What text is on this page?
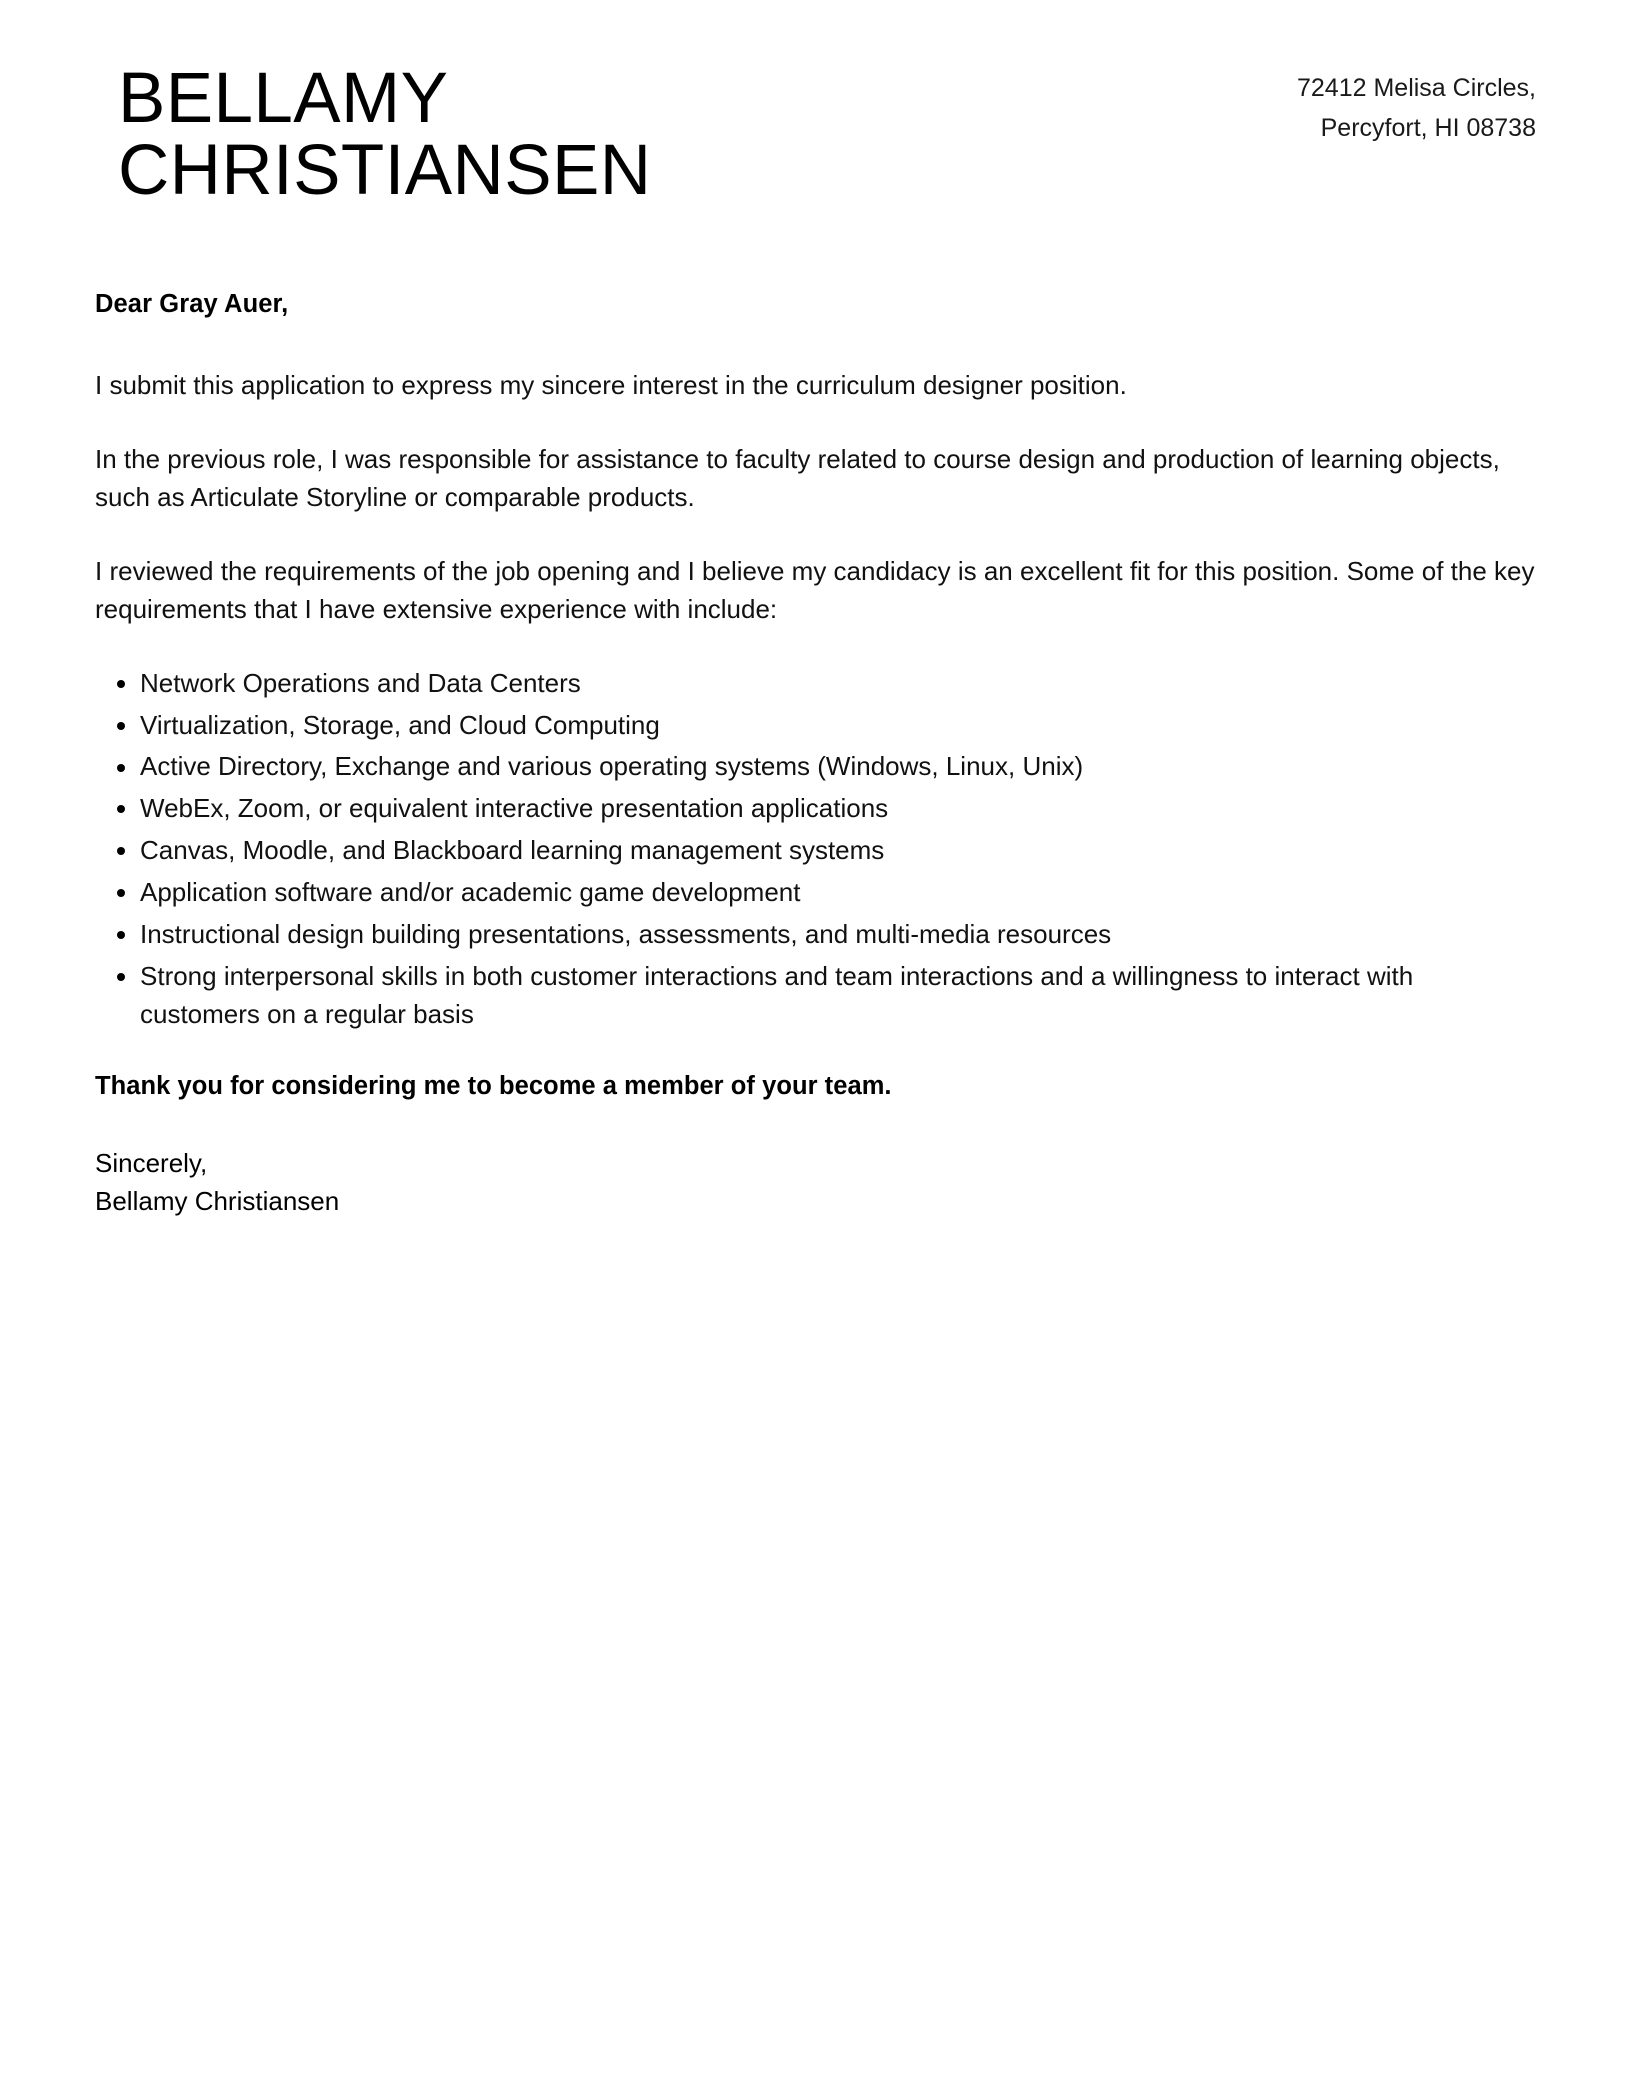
BELLAMY
CHRISTIANSEN
72412 Melisa Circles,
Percyfort, HI 08738

Dear Gray Auer,

I submit this application to express my sincere interest in the curriculum designer position.

In the previous role, I was responsible for assistance to faculty related to course design and production of learning objects, such as Articulate Storyline or comparable products.

I reviewed the requirements of the job opening and I believe my candidacy is an excellent fit for this position. Some of the key requirements that I have extensive experience with include:

Network Operations and Data Centers
Virtualization, Storage, and Cloud Computing
Active Directory, Exchange and various operating systems (Windows, Linux, Unix)
WebEx, Zoom, or equivalent interactive presentation applications
Canvas, Moodle, and Blackboard learning management systems
Application software and/or academic game development
Instructional design building presentations, assessments, and multi-media resources
Strong interpersonal skills in both customer interactions and team interactions and a willingness to interact with customers on a regular basis

Thank you for considering me to become a member of your team.

Sincerely,
Bellamy Christiansen
